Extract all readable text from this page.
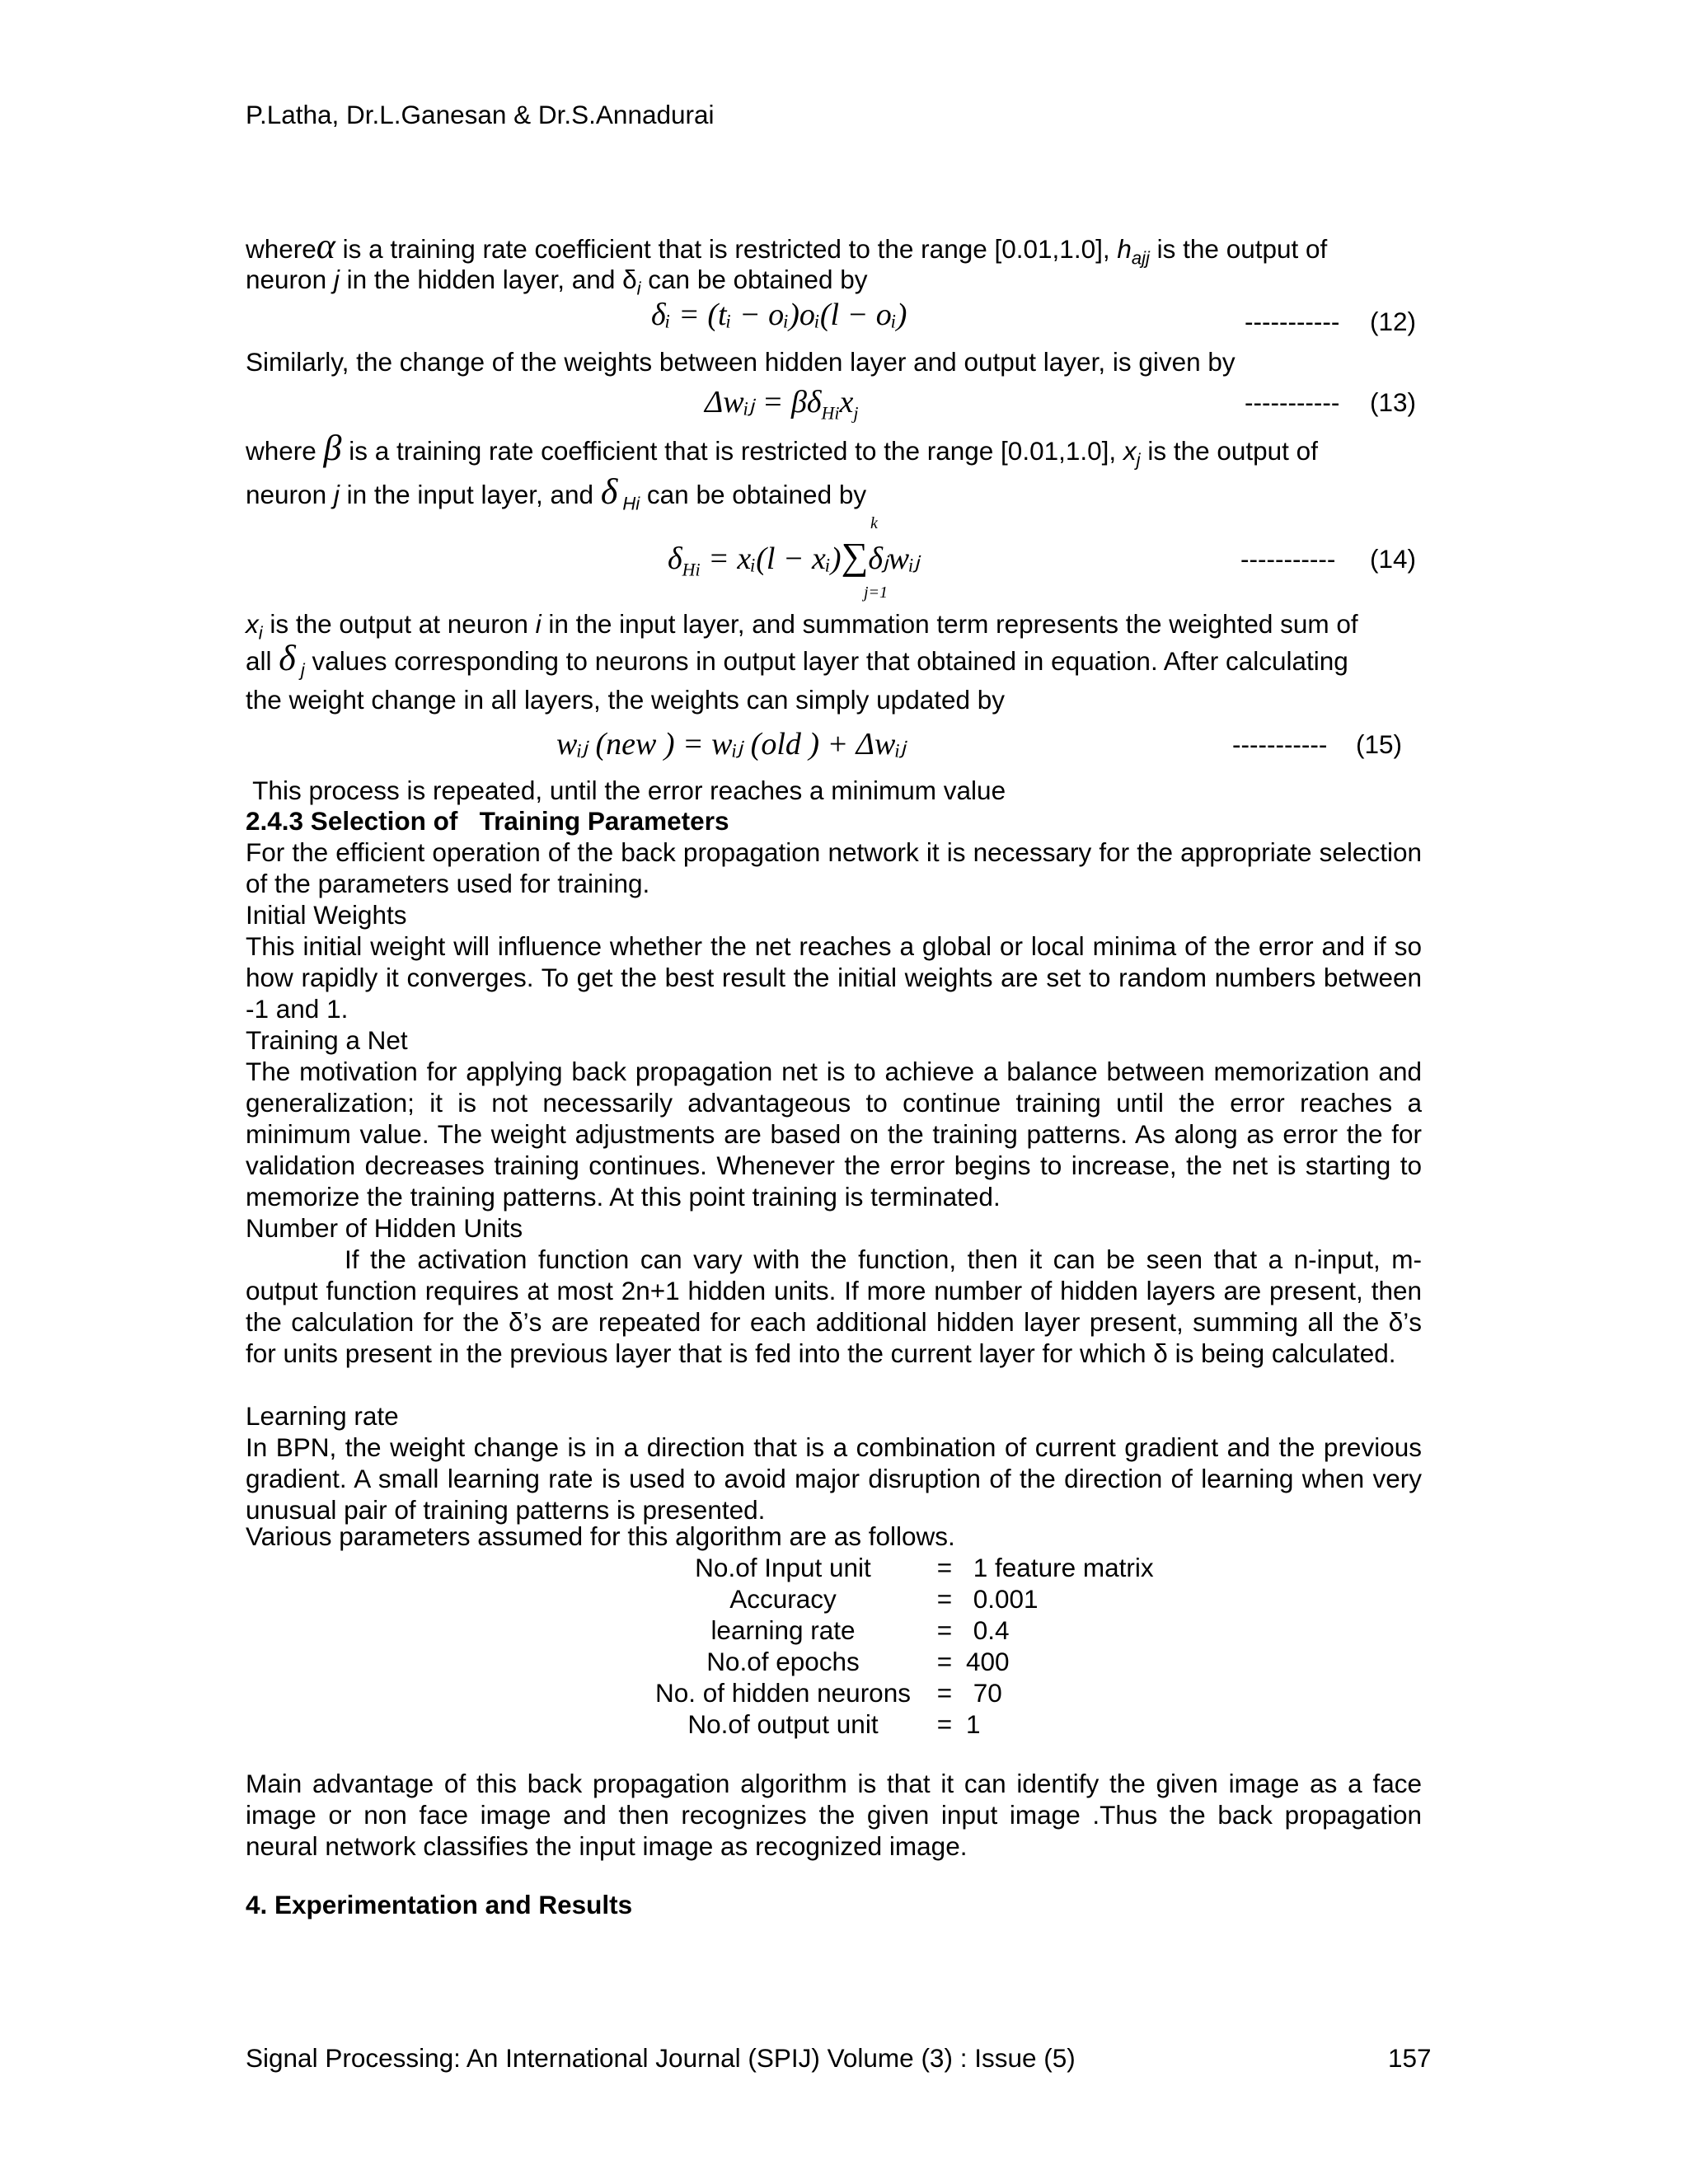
P.Latha, Dr.L.Ganesan & Dr.S.Annadurai
whereα is a training rate coefficient that is restricted to the range [0.01,1.0], $h_{ajj}$ is the output of
neuron j in the hidden layer, and $\delta_i$ can be obtained by
δᵢ = (tᵢ − oᵢ)oᵢ(l − oᵢ)	----------- (12)
Similarly, the change of the weights between hidden layer and output layer, is given by
Δwᵢⱼ = $\beta\delta_{Hi}x_j$	----------- (13)
where β is a training rate coefficient that is restricted to the range [0.01,1.0], $x_j$ is the output of
neuron j in the input layer, and δ $_{Hi}$ can be obtained by
$\delta_{Hi}$ = xᵢ(l − xᵢ)∑δⱼwᵢⱼ
k
j=1
----------- (14)
$x_i$ is the output at neuron i in the input layer, and summation term represents the weighted sum of
all δ $_j$ values corresponding to neurons in output layer that obtained in equation. After calculating
the weight change in all layers, the weights can simply updated by
wᵢⱼ (new ) = wᵢⱼ (old ) + Δwᵢⱼ	----------- (15)
This process is repeated, until the error reaches a minimum value
2.4.3 Selection of   Training Parameters
For the efficient operation of the back propagation network it is necessary for the appropriate selection of the parameters used for training.
Initial Weights
This initial weight will influence whether the net reaches a global or local minima of the error and if so how rapidly it converges. To get the best result the initial weights are set to random numbers between -1 and 1.
Training a Net
The motivation for applying back propagation net is to achieve a balance between memorization and generalization; it is not necessarily advantageous to continue training until the error reaches a minimum value. The weight adjustments are based on the training patterns. As along as error the for validation decreases training continues. Whenever the error begins to increase, the net is starting to memorize the training patterns. At this point training is terminated.
Number of Hidden Units
If the activation function can vary with the function, then it can be seen that a n-input, m-output function requires at most 2n+1 hidden units. If more number of hidden layers are present, then the calculation for the δ’s are repeated for each additional hidden layer present, summing all the δ’s for units present in the previous layer that is fed into the current layer for which δ is being calculated.
Learning rate
In BPN, the weight change is in a direction that is a combination of current gradient and the previous gradient. A small learning rate is used to avoid major disruption of the direction of learning when very unusual pair of training patterns is presented.
Various parameters assumed for this algorithm are as follows.
No.of Input unit	=	1 feature matrix
Accuracy	=	0.001
learning rate	=	0.4
No.of epochs	=	400
No. of hidden neurons	=	70
No.of output unit	=	1
Main advantage of this back propagation algorithm is that it can identify the given image as a face image or non face image and then recognizes the given input image .Thus the back propagation neural network classifies the input image as recognized image.
4. Experimentation and Results
Signal Processing: An International Journal (SPIJ) Volume (3) : Issue (5)	157
